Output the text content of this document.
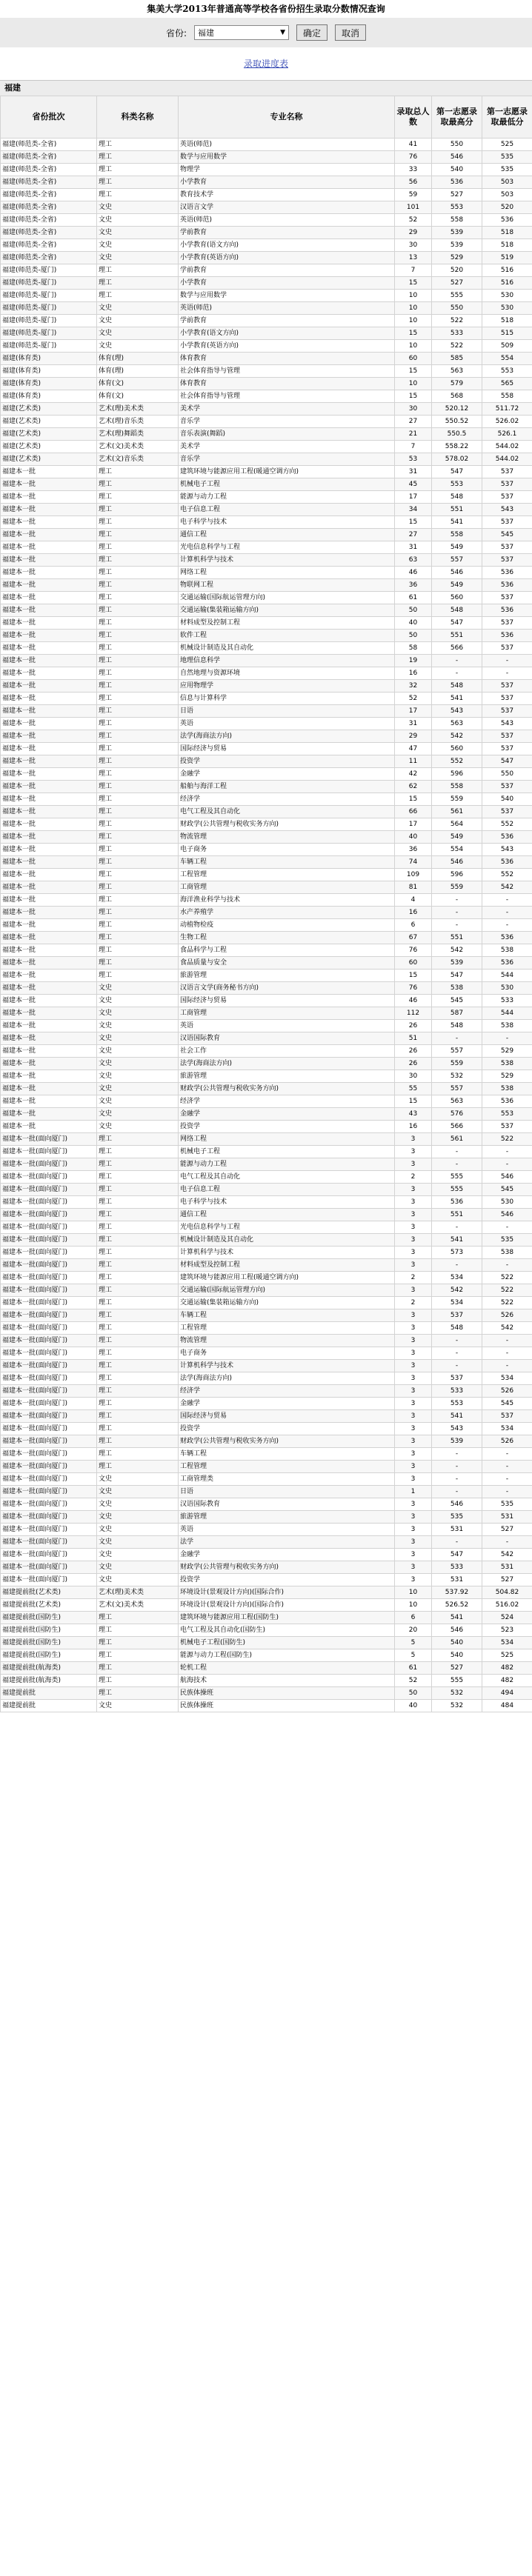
集美大学2013年普通高等学校各省份招生录取分数情况查询
省份: 福建	▼	确定	取消
录取进度表
福建
省份批次	科类名称	专业名称	录取总人数	第一志愿录取最高分	第一志愿录取最低分
福建(师范类-全省)	理工	英语(师范)	41	550	525
福建(师范类-全省)	理工	数学与应用数学	76	546	535
福建(师范类-全省)	理工	物理学	33	540	535
福建(师范类-全省)	理工	小学教育	56	536	503
福建(师范类-全省)	理工	教育技术学	59	527	503
福建(师范类-全省)	文史	汉语言文学	101	553	520
福建(师范类-全省)	文史	英语(师范)	52	558	536
福建(师范类-全省)	文史	学前教育	29	539	518
福建(师范类-全省)	文史	小学教育(语文方向)	30	539	518
福建(师范类-全省)	文史	小学教育(英语方向)	13	529	519
福建(师范类-厦门)	理工	学前教育	7	520	516
福建(师范类-厦门)	理工	小学教育	15	527	516
福建(师范类-厦门)	理工	数学与应用数学	10	555	530
福建(师范类-厦门)	文史	英语(师范)	10	550	530
福建(师范类-厦门)	文史	学前教育	10	522	518
福建(师范类-厦门)	文史	小学教育(语文方向)	15	533	515
福建(师范类-厦门)	文史	小学教育(英语方向)	10	522	509
福建(体育类)	体育(理)	体育教育	60	585	554
福建(体育类)	体育(理)	社会体育指导与管理	15	563	553
福建(体育类)	体育(文)	体育教育	10	579	565
福建(体育类)	体育(文)	社会体育指导与管理	15	568	558
福建(艺术类)	艺术(理)美术类	美术学	30	520.12	511.72
福建(艺术类)	艺术(理)音乐类	音乐学	27	550.52	526.02
福建(艺术类)	艺术(理)舞蹈类	音乐表演(舞蹈)	21	550.5	526.1
福建(艺术类)	艺术(文)美术类	美术学	7	558.22	544.02
福建(艺术类)	艺术(文)音乐类	音乐学	53	578.02	544.02
福建本一批	理工	建筑环境与能源应用工程(暖通空调方向)	31	547	537
福建本一批	理工	机械电子工程	45	553	537
福建本一批	理工	能源与动力工程	17	548	537
福建本一批	理工	电子信息工程	34	551	543
福建本一批	理工	电子科学与技术	15	541	537
福建本一批	理工	通信工程	27	558	545
福建本一批	理工	光电信息科学与工程	31	549	537
福建本一批	理工	计算机科学与技术	63	557	537
福建本一批	理工	网络工程	46	546	536
福建本一批	理工	物联网工程	36	549	536
福建本一批	理工	交通运输(国际航运管理方向)	61	560	537
福建本一批	理工	交通运输(集装箱运输方向)	50	548	536
福建本一批	理工	材料成型及控制工程	40	547	537
福建本一批	理工	软件工程	50	551	536
福建本一批	理工	机械设计制造及其自动化	58	566	537
福建本一批	理工	地理信息科学	19	-	-
福建本一批	理工	自然地理与资源环境	16	-	-
福建本一批	理工	应用物理学	32	548	537
福建本一批	理工	信息与计算科学	52	541	537
福建本一批	理工	日语	17	543	537
福建本一批	理工	英语	31	563	543
福建本一批	理工	法学(海商法方向)	29	542	537
福建本一批	理工	国际经济与贸易	47	560	537
福建本一批	理工	投资学	11	552	547
福建本一批	理工	金融学	42	596	550
福建本一批	理工	船舶与海洋工程	62	558	537
福建本一批	理工	经济学	15	559	540
福建本一批	理工	电气工程及其自动化	66	561	537
福建本一批	理工	财政学(公共管理与税收实务方向)	17	564	552
福建本一批	理工	物流管理	40	549	536
福建本一批	理工	电子商务	36	554	543
福建本一批	理工	车辆工程	74	546	536
福建本一批	理工	工程管理	109	596	552
福建本一批	理工	工商管理	81	559	542
福建本一批	理工	海洋渔业科学与技术	4	-	-
福建本一批	理工	水产养殖学	16	-	-
福建本一批	理工	动植物检疫	6	-	-
福建本一批	理工	生物工程	67	551	536
福建本一批	理工	食品科学与工程	76	542	538
福建本一批	理工	食品质量与安全	60	539	536
福建本一批	理工	旅游管理	15	547	544
福建本一批	文史	汉语言文学(商务秘书方向)	76	538	530
福建本一批	文史	国际经济与贸易	46	545	533
福建本一批	文史	工商管理	112	587	544
福建本一批	文史	英语	26	548	538
福建本一批	文史	汉语国际教育	51	-	-
福建本一批	文史	社会工作	26	557	529
福建本一批	文史	法学(海商法方向)	26	559	538
福建本一批	文史	旅游管理	30	532	529
福建本一批	文史	财政学(公共管理与税收实务方向)	55	557	538
福建本一批	文史	经济学	15	563	536
福建本一批	文史	金融学	43	576	553
福建本一批	文史	投资学	16	566	537
福建本一批(面向厦门)	理工	网络工程	3	561	522
福建本一批(面向厦门)	理工	机械电子工程	3	-	-
福建本一批(面向厦门)	理工	能源与动力工程	3	-	-
福建本一批(面向厦门)	理工	电气工程及其自动化	2	555	546
福建本一批(面向厦门)	理工	电子信息工程	3	555	545
福建本一批(面向厦门)	理工	电子科学与技术	3	536	530
福建本一批(面向厦门)	理工	通信工程	3	551	546
福建本一批(面向厦门)	理工	光电信息科学与工程	3	-	-
福建本一批(面向厦门)	理工	机械设计制造及其自动化	3	541	535
福建本一批(面向厦门)	理工	计算机科学与技术	3	573	538
福建本一批(面向厦门)	理工	材料成型及控制工程	3	-	-
福建本一批(面向厦门)	理工	建筑环境与能源应用工程(暖通空调方向)	2	534	522
福建本一批(面向厦门)	理工	交通运输(国际航运管理方向)	3	542	522
福建本一批(面向厦门)	理工	交通运输(集装箱运输方向)	2	534	522
福建本一批(面向厦门)	理工	车辆工程	3	537	526
福建本一批(面向厦门)	理工	工程管理	3	548	542
福建本一批(面向厦门)	理工	物流管理	3	-	-
福建本一批(面向厦门)	理工	电子商务	3	-	-
福建本一批(面向厦门)	理工	计算机科学与技术	3	-	-
福建本一批(面向厦门)	理工	法学(海商法方向)	3	537	534
福建本一批(面向厦门)	理工	经济学	3	533	526
福建本一批(面向厦门)	理工	金融学	3	553	545
福建本一批(面向厦门)	理工	国际经济与贸易	3	541	537
福建本一批(面向厦门)	理工	投资学	3	543	534
福建本一批(面向厦门)	理工	财政学(公共管理与税收实务方向)	3	539	526
福建本一批(面向厦门)	理工	车辆工程	3	-	-
福建本一批(面向厦门)	理工	工程管理	3	-	-
福建本一批(面向厦门)	文史	工商管理类	3	-	-
福建本一批(面向厦门)	文史	日语	1	-	-
福建本一批(面向厦门)	文史	汉语国际教育	3	546	535
福建本一批(面向厦门)	文史	旅游管理	3	535	531
福建本一批(面向厦门)	文史	英语	3	531	527
福建本一批(面向厦门)	文史	法学	3	-	-
福建本一批(面向厦门)	文史	金融学	3	547	542
福建本一批(面向厦门)	文史	财政学(公共管理与税收实务方向)	3	533	531
福建本一批(面向厦门)	文史	投资学	3	531	527
福建提前批(艺术类)	艺术(理)美术类	环境设计(景观设计方向)(国际合作)	10	537.92	504.82
福建提前批(艺术类)	艺术(文)美术类	环境设计(景观设计方向)(国际合作)	10	526.52	516.02
福建提前批(国防生)	理工	建筑环境与能源应用工程(国防生)	6	541	524
福建提前批(国防生)	理工	电气工程及其自动化(国防生)	20	546	523
福建提前批(国防生)	理工	机械电子工程(国防生)	5	540	534
福建提前批(国防生)	理工	能源与动力工程(国防生)	5	540	525
福建提前批(航海类)	理工	轮机工程	61	527	482
福建提前批(航海类)	理工	航海技术	52	555	482
福建提前批	理工	民族体操班	50	532	494
福建提前批	文史	民族体操班	40	532	484
